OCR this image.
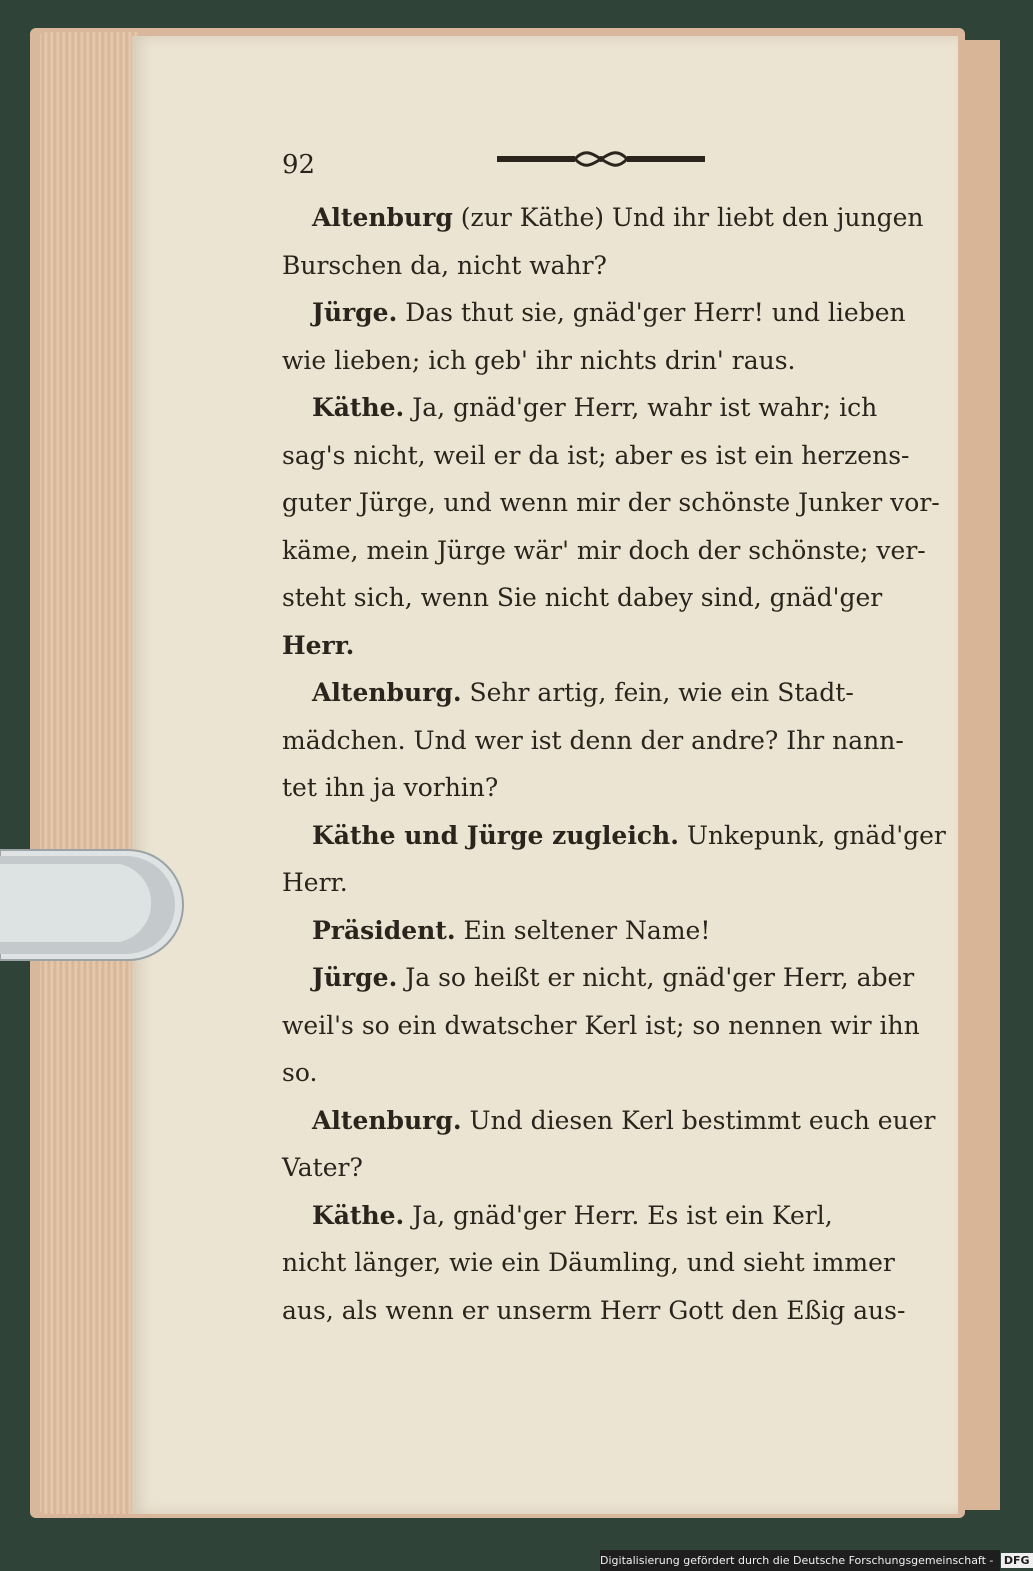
92
Altenburg (zur Käthe) Und ihr liebt den jungen
Burschen da, nicht wahr?
Jürge. Das thut sie, gnäd'ger Herr! und lieben
wie lieben; ich geb' ihr nichts drin' raus.
Käthe. Ja, gnäd'ger Herr, wahr ist wahr; ich
sag's nicht, weil er da ist; aber es ist ein herzens-
guter Jürge, und wenn mir der schönste Junker vor-
käme, mein Jürge wär' mir doch der schönste; ver-
steht sich, wenn Sie nicht dabey sind, gnäd'ger
Herr.
Altenburg. Sehr artig, fein, wie ein Stadt-
mädchen. Und wer ist denn der andre? Ihr nann-
tet ihn ja vorhin?
Käthe und Jürge zugleich. Unkepunk, gnäd'ger
Herr.
Präsident. Ein seltener Name!
Jürge. Ja so heißt er nicht, gnäd'ger Herr, aber
weil's so ein dwatscher Kerl ist; so nennen wir ihn
so.
Altenburg. Und diesen Kerl bestimmt euch euer
Vater?
Käthe. Ja, gnäd'ger Herr. Es ist ein Kerl,
nicht länger, wie ein Däumling, und sieht immer
aus, als wenn er unserm Herr Gott den Eßig aus-
Digitalisierung gefördert durch die Deutsche Forschungsgemeinschaft - DFG
